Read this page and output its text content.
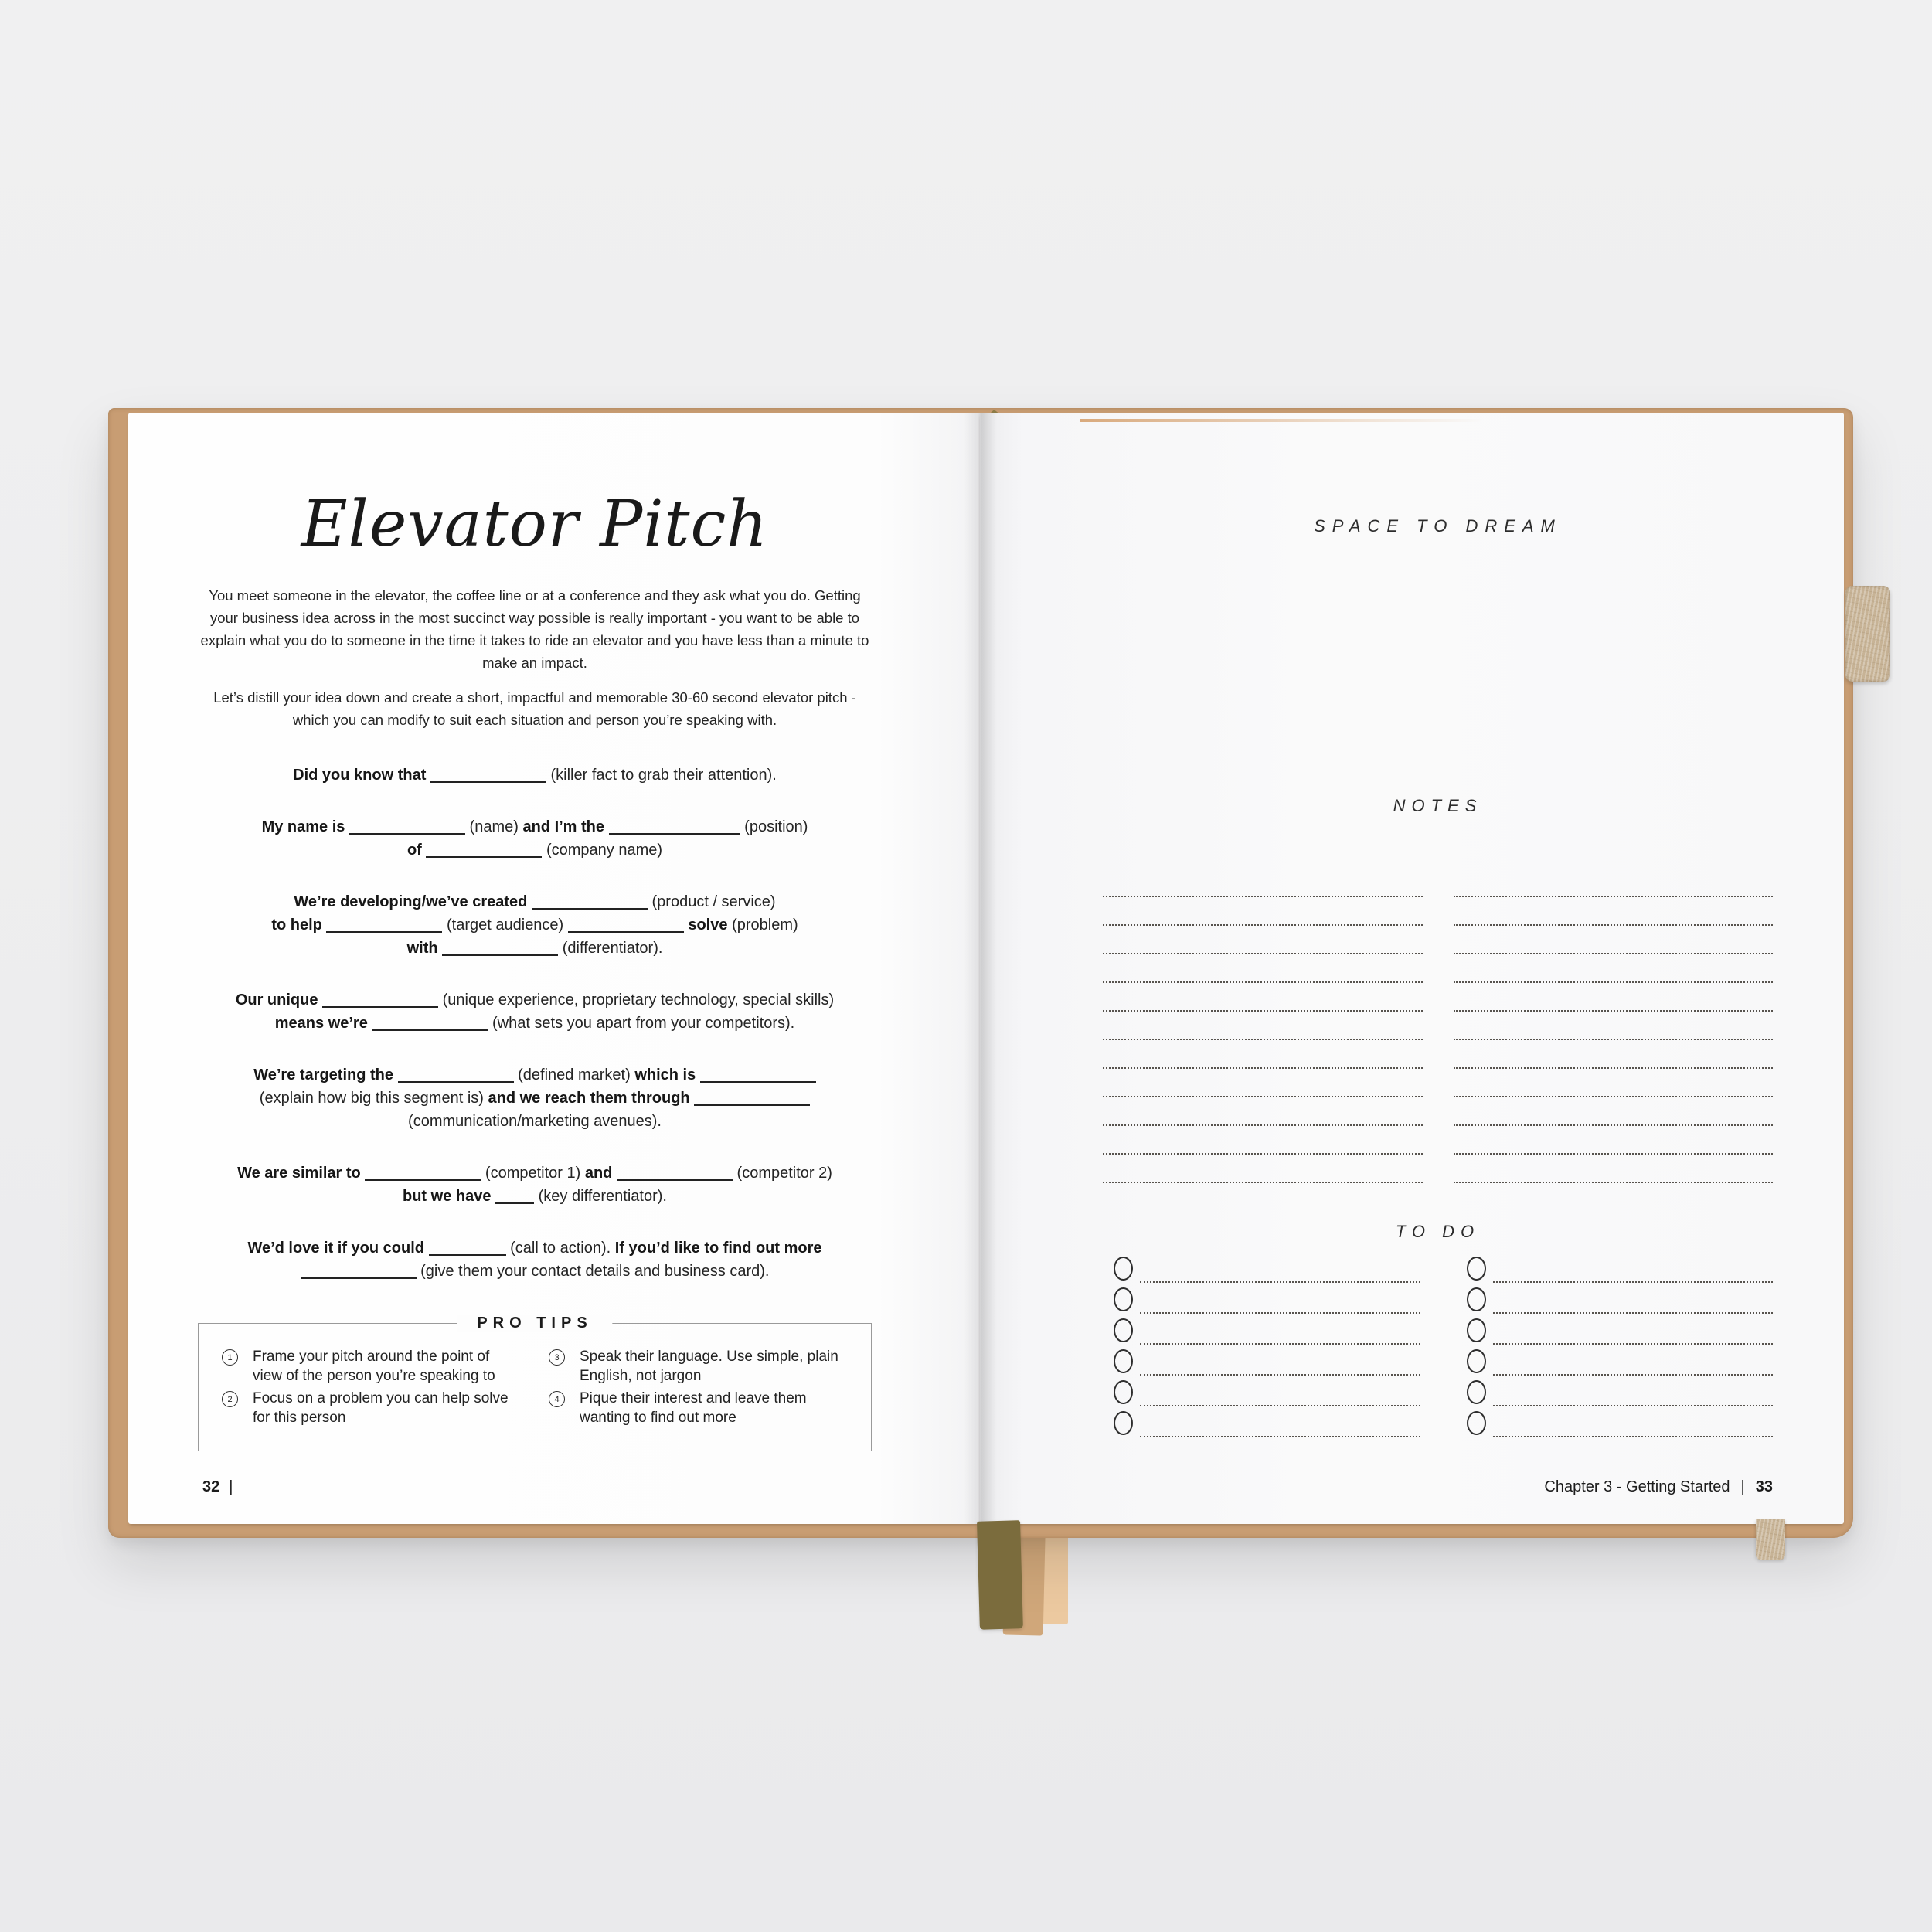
Elevator Pitch

You meet someone in the elevator, the coffee line or at a conference and they ask what you do. Getting your business idea across in the most succinct way possible is really important - you want to be able to explain what you do to someone in the time it takes to ride an elevator and you have less than a minute to make an impact.

Let’s distill your idea down and create a short, impactful and memorable 30-60 second elevator pitch - which you can modify to suit each situation and person you’re speaking with.

Did you know that	(killer fact to grab their attention).
My name is	(name) and I’m the	(position)
of	(company name)
We’re developing/we’ve created	(product / service)
to help	(target audience)	solve (problem)
with	(differentiator).
Our unique	(unique experience, proprietary technology, special skills)
means we’re	(what sets you apart from your competitors).
We’re targeting the	(defined market) which is
(explain how big this segment is) and we reach them through
(communication/marketing avenues).
We are similar to	(competitor 1) and	(competitor 2)
but we have	(key differentiator).
We’d love it if you could	(call to action). If you’d like to find out more
(give them your contact details and business card).
PRO TIPS
1	Frame your pitch around the point of view of the person you’re speaking to
2	Focus on a problem you can help solve for this person
3	Speak their language. Use simple, plain English, not jargon
4	Pique their interest and leave them wanting to find out more
32 |
SPACE TO DREAM
NOTES
TO DO
Chapter 3 - Getting Started | 33
